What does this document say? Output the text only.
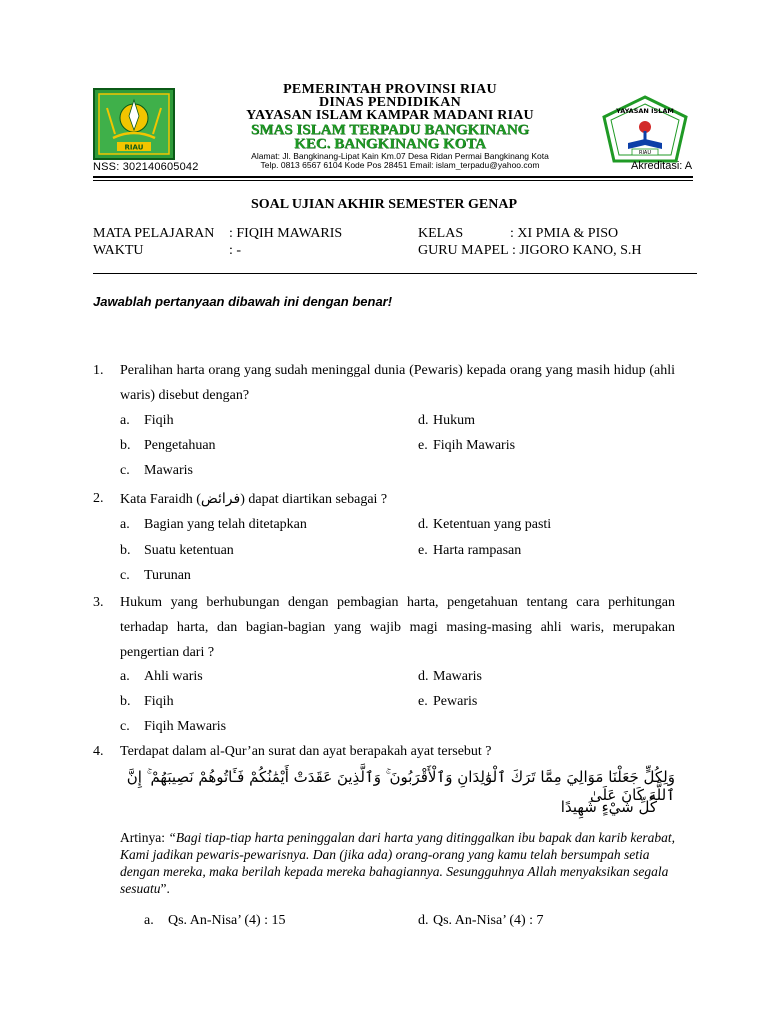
RIAU
NSS: 302140605042
PEMERINTAH PROVINSI RIAU
DINAS PENDIDIKAN
YAYASAN ISLAM KAMPAR MADANI RIAU
SMAS ISLAM TERPADU BANGKINANG
KEC. BANGKINANG KOTA
Alamat: Jl. Bangkinang-Lipat Kain Km.07 Desa Ridan Permai Bangkinang Kota
Telp. 0813 6567 6104 Kode Pos 28451 Email: islam_terpadu@yahoo.com
YAYASAN ISLAM
RIAU
Akreditasi: A
SOAL UJIAN AKHIR SEMESTER GENAP
MATA PELAJARAN : FIQIH MAWARIS
WAKTU	: -
KELAS	: XI PMIA & PISO
GURU MAPEL : JIGORO KANO, S.H
Jawablah pertanyaan dibawah ini dengan benar!
1. Peralihan harta orang yang sudah meninggal dunia (Pewaris) kepada orang yang masih hidup (ahli waris) disebut dengan?
a. Fiqih
b. Pengetahuan
c. Mawaris
d. Hukum
e. Fiqih Mawaris
2. Kata Faraidh (فرائض) dapat diartikan sebagai ?
a. Bagian yang telah ditetapkan
b. Suatu ketentuan
c. Turunan
d. Ketentuan yang pasti
e. Harta rampasan
3. Hukum yang berhubungan dengan pembagian harta, pengetahuan tentang cara perhitungan terhadap harta, dan bagian-bagian yang wajib magi masing-masing ahli waris, merupakan pengertian dari ?
a. Ahli waris
b. Fiqih
c. Fiqih Mawaris
d. Mawaris
e. Pewaris
4. Terdapat dalam al-Qur’an surat dan ayat berapakah ayat tersebut ?
وَلِكُلٍّ جَعَلْنَا مَوَالِيَ مِمَّا تَرَكَ ٱلْوَٰلِدَانِ وَٱلْأَقْرَبُونَ ۚ وَٱلَّذِينَ عَقَدَتْ أَيْمَٰنُكُمْ فَـَٔاتُوهُمْ نَصِيبَهُمْ ۚ إِنَّ ٱللَّهَ كَانَ عَلَىٰ
كُلِّ شَيْءٍ شَهِيدًا
Artinya: “Bagi tiap-tiap harta peninggalan dari harta yang ditinggalkan ibu bapak dan karib kerabat, Kami jadikan pewaris-pewarisnya. Dan (jika ada) orang-orang yang kamu telah bersumpah setia dengan mereka, maka berilah kepada mereka bahagiannya. Sesungguhnya Allah menyaksikan segala sesuatu”.
a. Qs. An-Nisa’ (4) : 15	d. Qs. An-Nisa’ (4) : 7
